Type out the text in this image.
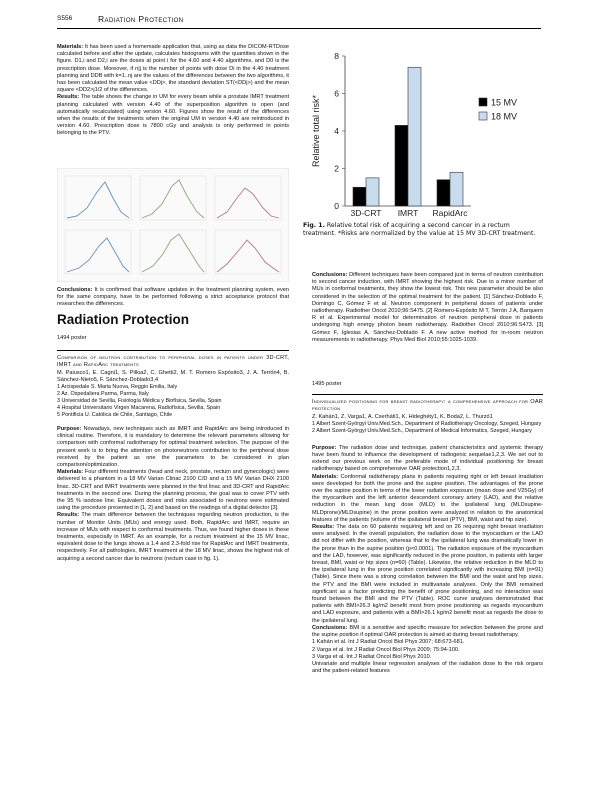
S556	Radiation Protection

Materials: It has been used a homemade application that, using as data the DICOM-RTDose calculated before and after the update, calculates histograms with the quantities shown in the figure. D1,i and D2,i are the doses at point i for the 4.60 and 4.40 algorithms, and D0 is the prescription dose. Moreover, if n|j is the number of points with dose Di in the 4.40 treatment planning and DDB with k=1..nj are the values of the differences between the two algorithms, it has been calculated the mean value <DDj>, the standard deviation ST(<DDj>) and the mean square <DD2>j1/2 of the differences.

Results: The table shows the change in UM for every beam while a prostate IMRT treatment planning calculated with version 4.40 of the superposition algorithm is open (and automatically recalculated) using version 4.60. Figures show the result of the differences when the results of the treatments when the original UM in version 4.40 are reintroduced in version 4.60. Prescription dose is 7800 cGy and analysis is only performed in points belonging to the PTV.

Conclusions: It is confirmed that software updates in the treatment planning system, even for the same company, have to be performed following a strict acceptance protocol that researches the differences.

Radiation Protection

1494 poster

Comparison of neutron contribution to peripheral doses in patients under 3D-CRT, IMRT and RapidArc treatments

M. Paiusco1, E. Cagni1, S. Pilloa2, C. Ghetti2, M. T. Romero Expósito3, J. A. Terrón4, B. Sánchez-Nieto5, F. Sánchez-Doblado3,4

1 Arcispedale S. Maria Nuova, Reggio Emilia, Italy

2 Az. Ospedaliera Parma, Parma, Italy

3 Universidad de Sevilla, Fisiología Médica y Biofísica, Sevilla, Spain

4 Hospital Universitario Virgen Macarena, Radiofísica, Sevilla, Spain

5 Pontificia U. Católica de Chile, Santiago, Chile

Purpose: Nowadays, new techniques such as IMRT and RapidArc are being introduced in clinical routine. Therefore, it is mandatory to determine the relevant parameters allowing for comparison with conformal radiotherapy for optimal treatment selection. The purpose of the present work is to bring the attention on photoneutrons contribution to the peripheral dose received by the patient as one the parameters to be considered in plan comparison/optimization.

Materials: Four different treatments (head and neck, prostate, rectum and gynecologic) were delivered to a phantom in a 18 MV Varian Clinac 2100 C/D and a 15 MV Varian DHX 2100 linac. 3D-CRT and IMRT treatments were planned in the first linac and 3D-CRT and RapidArc treatments in the second one. During the planning process, the goal was to cover PTV with the 95 % isodose line. Equivalent doses and risks associated to neutrons were estimated using the procedure presented in [1, 2] and based on the readings of a digital detector [3].

Results: The main difference between the techniques regarding neutron production, is the number of Monitor Units (MUs) and energy used. Both, RapidArc and IMRT, require an increase of MUs with respect to conformal treatments. Thus, we found higher doses in these treatments, especially in IMRT. As an example, for a rectum treatment at the 15 MV linac, equivalent dose to the lungs shows a 1.4 and 2.3-fold rise for RapidArc and IMRT treatments, respectively. For all pathologies, IMRT treatment at the 18 MV linac, shows the highest risk of acquiring a second cancer due to neutrons (rectum case in fig. 1).

0
2
4
6
8
Relative total risk*
3D-CRT IMRT RapidArc
15 MV
18 MV
Fig. 1. Relative total risk of acquiring a second cancer in a rectum treatment. *Risks are normalized by the value at 15 MV 3D-CRT treatment.

Conclusions: Different techniques have been compared just in terms of neutron contribution to second cancer induction, with IMRT showing the highest risk. Due to a minor number of MUs in conformal treatments, they show the lowest risk. This new parameter should be also considered in the selection of the optimal treatment for the patient. [1] Sánchez-Doblado F, Domingo C, Gómez F et al. Neutron component in peripheral doses of patients under radiotherapy. Radiother Oncol 2010;96:S475. [2] Romero-Expósito M T, Terrón J A, Barquero R et al. Experimental model for determination of neutron peripheral dose in patients undergoing high energy photon beam radiotherapy. Radiother Oncol 2010;96:S473. [3] Gómez F, Iglesias A, Sánchez-Doblado F. A new active method for in-room neutron measurements in radiotherapy. Phys Med Biol 2010;55:1025-1039.

1495 poster

Individualized positioning for breast radiotherapy: a comprehensive approach for OAR protection

Z. Kahán1, Z. Varga1, A. Cserháti1, K. Hideghéty1, K. Boda2, L. Thurzó1

1 Albert Szent-Györgyi Univ.Med.Sch., Department of Radiotherapy Oncology, Szeged, Hungary

2 Albert Szent-Györgyi Univ.Med.Sch., Department of Medical Informatics, Szeged, Hungary

Purpose: The radiation dose and technique, patient characteristics and systemic therapy have been found to influence the development of radiogenic sequelae1,2,3. We set out to extend our previous work on the preferable mode of individual positioning for breast radiotherapy based on comprehensive OAR protection1,2,3.

Materials: Conformal radiotherapy plans in patients requiring right or left breast irradiation were developed for both the prone and the supine position. The advantages of the prone over the supine position in terms of the lower radiation exposure (mean dose and V25Gy) of the myocardium and the left anterior descendent coronary artery (LAD), and the relative reduction in the mean lung dose (MLD) to the ipsilateral lung (MLDsupine-MLDprone)/MLDsupine) in the prone position were analyzed in relation to the anatomical features of the patients (volume of the ipsilateral breast (PTV), BMI, waist and hip size).

Results: The data on 60 patients requiring left and on 26 requiring right breast irradiation were analysed. In the overall population, the radiation dose to the myocardium or the LAD did not differ with the position, whereas that to the ipsilateral lung was dramatically lower in the prone than in the supine position (p<0.0001). The radiation exposure of the myocardium and the LAD, however, was significantly reduced in the prone position, in patients with larger breast, BMI, waist or hip sizes (n=60) (Table). Likewise, the relative reduction in the MLD to the ipsilateral lung in the prone position correlated significantly with increasing BMI (n=91) (Table). Since there was a strong correlation between the BMI and the waist and hip sizes, the PTV and the BMI were included in multivariate analyses. Only the BMI remained significant as a factor predicting the benefit of prone positioning, and no interaction was found between the BMI and the PTV (Table). ROC curve analyses demonstrated that patients with BMI>26.3 kg/m2 benefit most from prone positioning as regards myocardium and LAD exposure, and patients with a BMI>26.1 kg/m2 benefit most as regards the dose to the ipsilateral lung.

Conclusions: BMI is a sensitive and specific measure for selection between the prone and the supine position if optimal OAR protection is aimed at during breast radiotherapy.

1 Kahán et al. Int J Radiat Oncol Biol Phys 2007; 68:673-681.

2 Varga et al. Int J Radiat Oncol Biol Phys 2009; 75:94-100.

3 Varga et al. Int J Radiat Oncol Biol Phys 2010.

Univariate and multiple linear regression analyses of the radiation dose to the risk organs and the patient-related features
